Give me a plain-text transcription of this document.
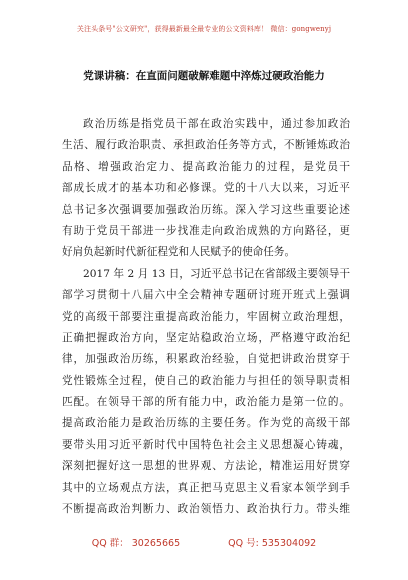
关注头条号"公文研究"，获得最新最全最专业的公文资料库！ 微信：gongwenyj
党课讲稿：在直面问题破解难题中淬炼过硬政治能力
政治历练是指党员干部在政治实践中，通过参加政治
生活、履行政治职责、承担政治任务等方式，不断锤炼政治
品格、增强政治定力、提高政治能力的过程，是党员干
部成长成才的基本功和必修课。党的十八大以来，习近平
总书记多次强调要加强政治历练。深入学习这些重要论述
有助于党员干部进一步找准走向政治成熟的方向路径，更
好肩负起新时代新征程党和人民赋予的使命任务。
2017 年 2 月 13 日，习近平总书记在省部级主要领导干
部学习贯彻十八届六中全会精神专题研讨班开班式上强调
党的高级干部要注重提高政治能力，牢固树立政治理想，
正确把握政治方向，坚定站稳政治立场，严格遵守政治纪
律，加强政治历练，积累政治经验，自觉把讲政治贯穿于
党性锻炼全过程，使自己的政治能力与担任的领导职责相
匹配。在领导干部的所有能力中，政治能力是第一位的。
提高政治能力是政治历练的主要任务。作为党的高级干部
要带头用习近平新时代中国特色社会主义思想凝心铸魂，
深刻把握好这一思想的世界观、方法论，精准运用好贯穿
其中的立场观点方法，真正把马克思主义看家本领学到手
不断提高政治判断力、政治领悟力、政治执行力。带头维
QQ 群： 30265665	QQ 号: 535304092
